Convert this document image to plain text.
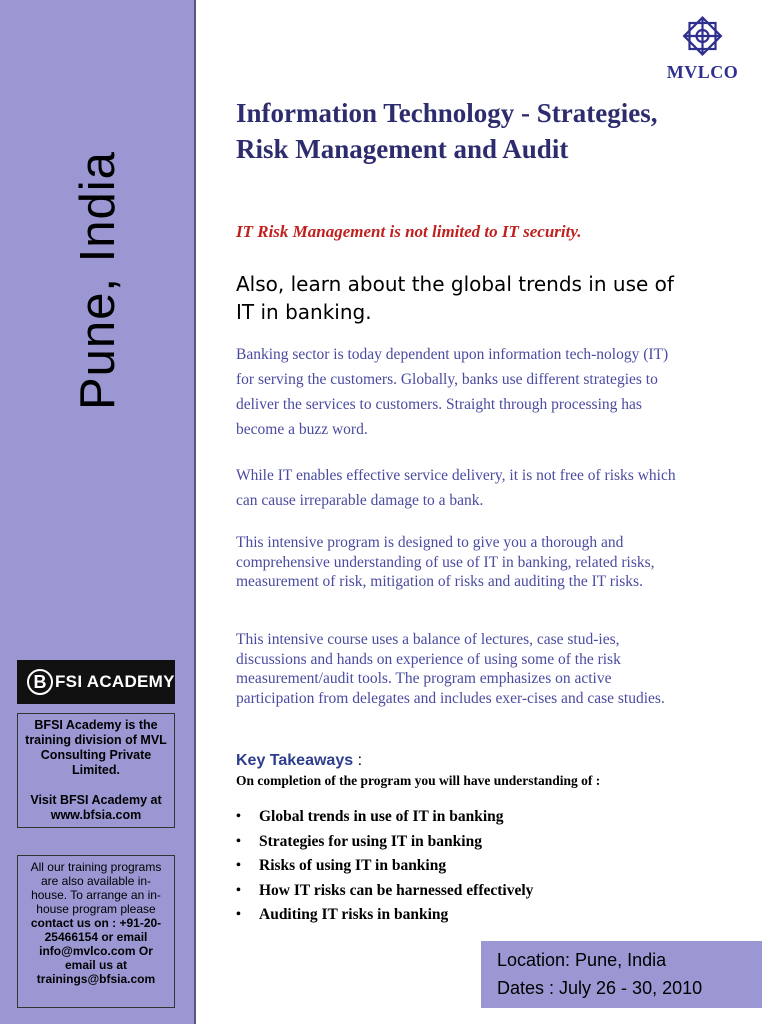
Pune, India
B FSI ACADEMY

BFSI Academy is the training division of MVL Consulting Private Limited.

Visit BFSI Academy at www.bfsia.com

All our training programs are also available in-house. To arrange an in-house program please

contact us on : +91-20-25466154 or email info@mvlco.com Or email us at trainings@bfsia.com

MVLCO
Information Technology - Strategies, Risk Management and Audit

IT Risk Management is not limited to IT security.

Also, learn about the global trends in use of IT in banking.

Banking sector is today dependent upon information tech-nology (IT) for serving the customers. Globally, banks use different strategies to deliver the services to customers. Straight through processing has become a buzz word.

While IT enables effective service delivery, it is not free of risks which can cause irreparable damage to a bank.

This intensive program is designed to give you a thorough and comprehensive understanding of use of IT in banking, related risks, measurement of risk, mitigation of risks and auditing the IT risks.

This intensive course uses a balance of lectures, case stud-ies, discussions and hands on experience of using some of the risk measurement/audit tools. The program emphasizes on active participation from delegates and includes exer-cises and case studies.

Key Takeaways :

On completion of the program you will have understanding of :

• Global trends in use of IT in banking
• Strategies for using IT in banking
• Risks of using IT in banking
• How IT risks can be harnessed effectively
• Auditing IT risks in banking

Location: Pune, India

Dates : July 26 - 30, 2010
